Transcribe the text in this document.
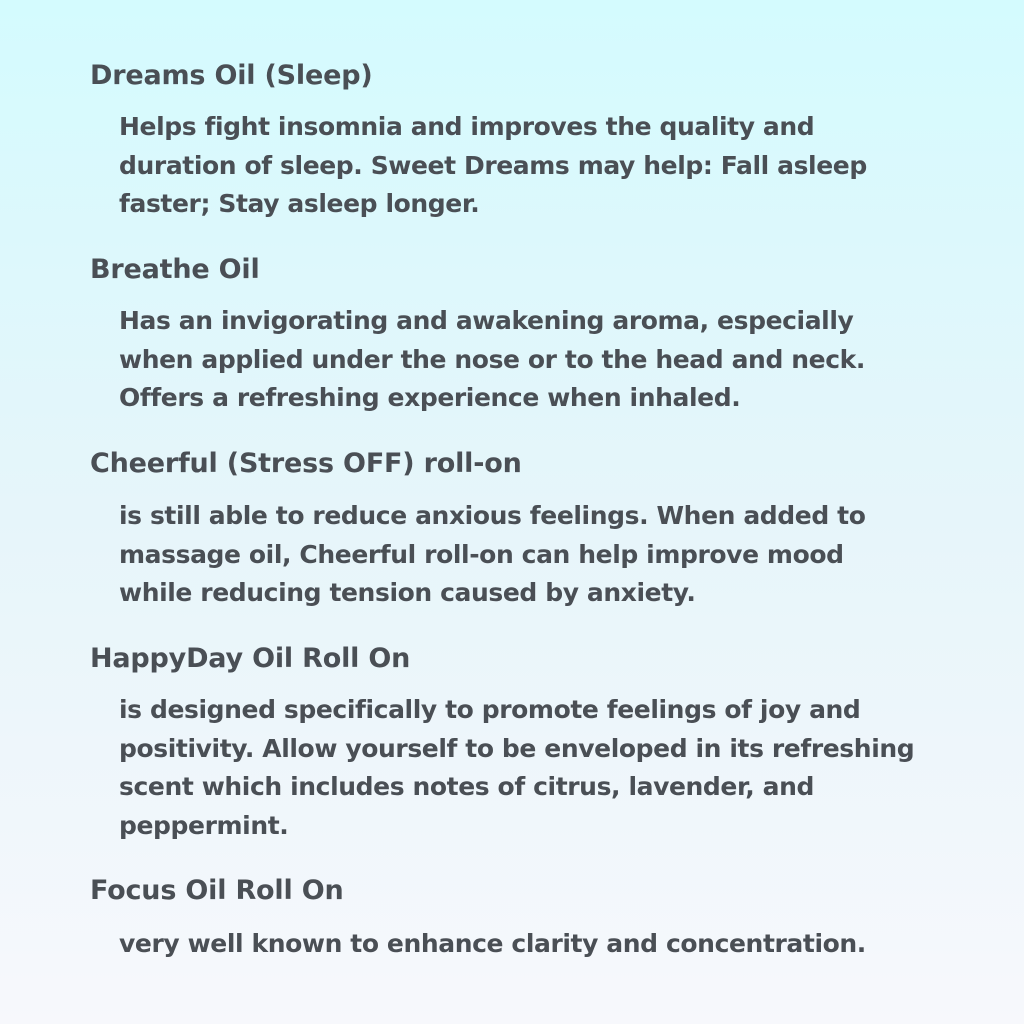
Dreams Oil (Sleep)
Helps fight insomnia and improves the quality and
duration of sleep. Sweet Dreams may help: Fall asleep
faster; Stay asleep longer.
Breathe Oil
Has an invigorating and awakening aroma, especially
when applied under the nose or to the head and neck.
Offers a refreshing experience when inhaled.
Cheerful (Stress OFF) roll-on
is still able to reduce anxious feelings. When added to
massage oil, Cheerful roll-on can help improve mood
while reducing tension caused by anxiety.
HappyDay Oil Roll On
is designed specifically to promote feelings of joy and
positivity. Allow yourself to be enveloped in its refreshing
scent which includes notes of citrus, lavender, and
peppermint.
Focus Oil Roll On
very well known to enhance clarity and concentration.
